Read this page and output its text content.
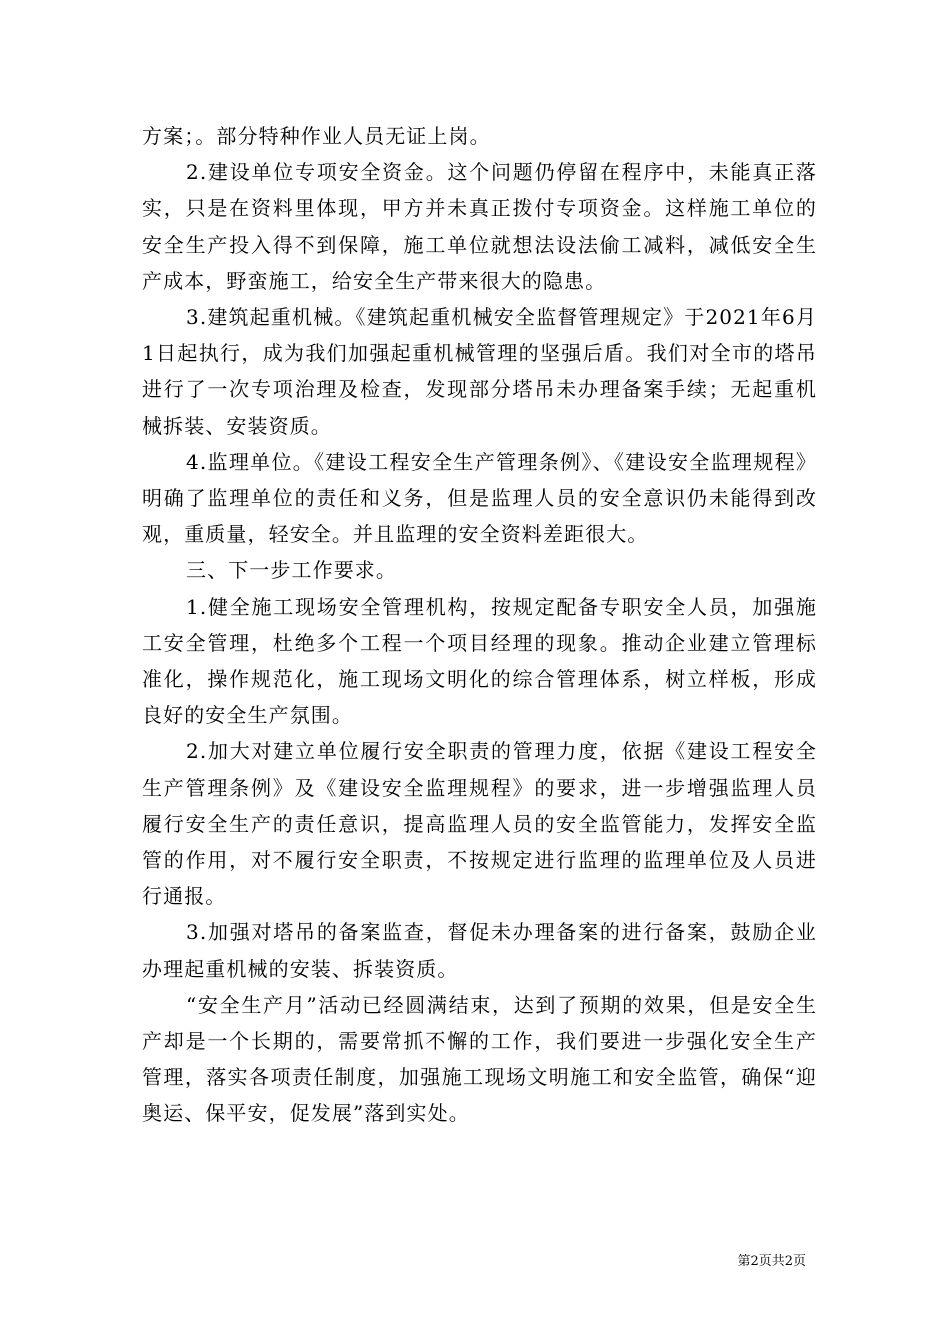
方案；。部分特种作业人员无证上岗。

2.建设单位专项安全资金。这个问题仍停留在程序中，未能真正落实，只是在资料里体现，甲方并未真正拨付专项资金。这样施工单位的安全生产投入得不到保障，施工单位就想法设法偷工减料，减低安全生产成本，野蛮施工，给安全生产带来很大的隐患。

3.建筑起重机械。《建筑起重机械安全监督管理规定》于2021年6月1日起执行，成为我们加强起重机械管理的坚强后盾。我们对全市的塔吊进行了一次专项治理及检查，发现部分塔吊未办理备案手续；无起重机械拆装、安装资质。

4.监理单位。《建设工程安全生产管理条例》、《建设安全监理规程》明确了监理单位的责任和义务，但是监理人员的安全意识仍未能得到改观，重质量，轻安全。并且监理的安全资料差距很大。

三、下一步工作要求。

1.健全施工现场安全管理机构，按规定配备专职安全人员，加强施工安全管理，杜绝多个工程一个项目经理的现象。推动企业建立管理标准化，操作规范化，施工现场文明化的综合管理体系，树立样板，形成良好的安全生产氛围。

2.加大对建立单位履行安全职责的管理力度，依据《建设工程安全生产管理条例》及《建设安全监理规程》的要求，进一步增强监理人员履行安全生产的责任意识，提高监理人员的安全监管能力，发挥安全监管的作用，对不履行安全职责，不按规定进行监理的监理单位及人员进行通报。

3.加强对塔吊的备案监查，督促未办理备案的进行备案，鼓励企业办理起重机械的安装、拆装资质。

“安全生产月”活动已经圆满结束，达到了预期的效果，但是安全生产却是一个长期的，需要常抓不懈的工作，我们要进一步强化安全生产管理，落实各项责任制度，加强施工现场文明施工和安全监管，确保“迎奥运、保平安，促发展”落到实处。

第2页共2页
